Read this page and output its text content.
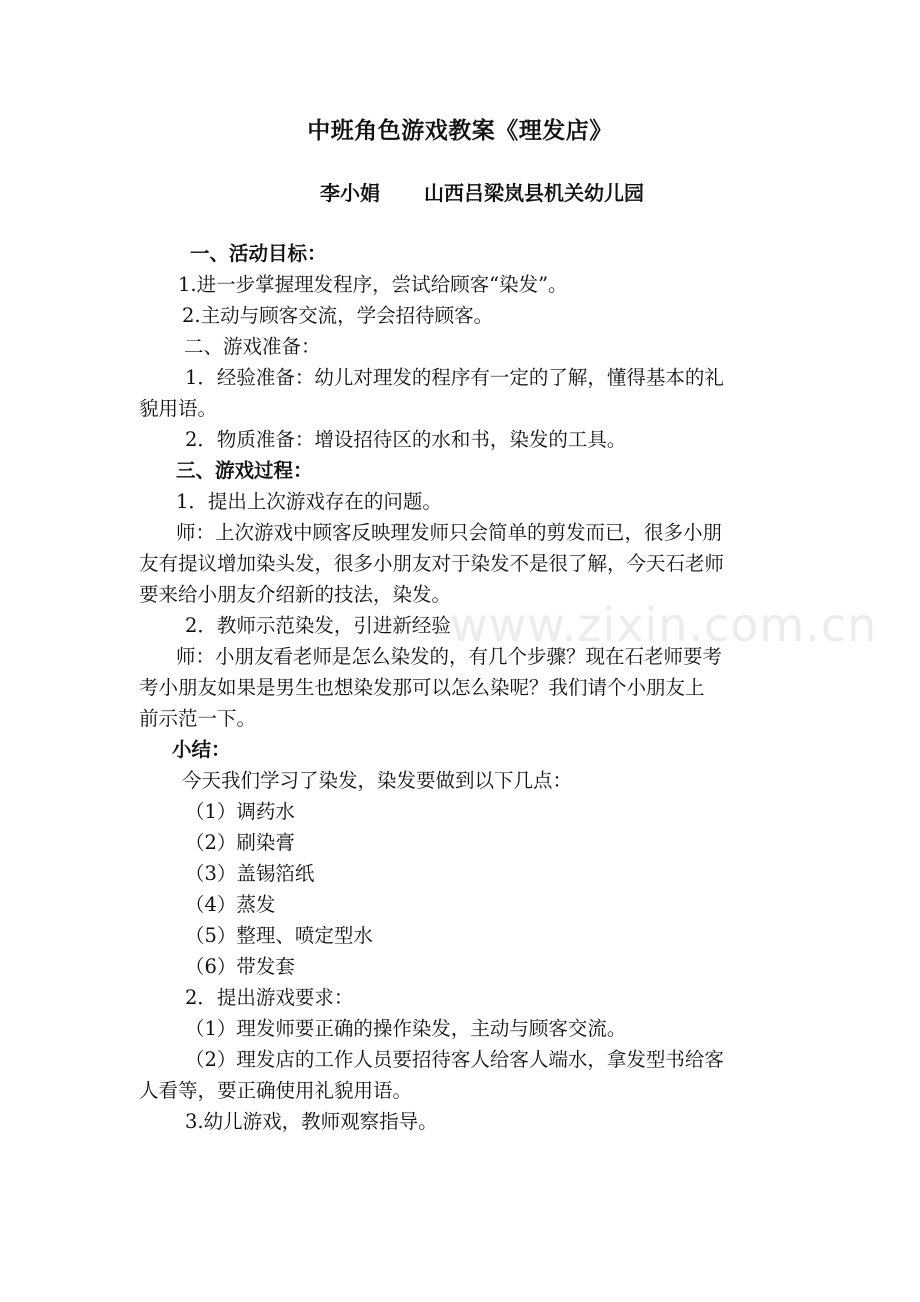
中班角色游戏教案《理发店》
李小娟 山西吕梁岚县机关幼儿园

一、活动目标：

1.进一步掌握理发程序，尝试给顾客“染发”。

2.主动与顾客交流，学会招待顾客。

二、游戏准备：

1．经验准备：幼儿对理发的程序有一定的了解，懂得基本的礼

貌用语。

2．物质准备：增设招待区的水和书，染发的工具。

三、游戏过程：

1．提出上次游戏存在的问题。

师：上次游戏中顾客反映理发师只会简单的剪发而已，很多小朋

友有提议增加染头发，很多小朋友对于染发不是很了解，今天石老师

要来给小朋友介绍新的技法，染发。

2．教师示范染发，引进新经验

师：小朋友看老师是怎么染发的，有几个步骤？现在石老师要考

考小朋友如果是男生也想染发那可以怎么染呢？我们请个小朋友上

前示范一下。

小结：

今天我们学习了染发，染发要做到以下几点：

（1）调药水

（2）刷染膏

（3）盖锡箔纸

（4）蒸发

（5）整理、喷定型水

（6）带发套

2．提出游戏要求：

（1）理发师要正确的操作染发，主动与顾客交流。

（2）理发店的工作人员要招待客人给客人端水，拿发型书给客

人看等，要正确使用礼貌用语。

3.幼儿游戏，教师观察指导。

www.zixin.com.cn
